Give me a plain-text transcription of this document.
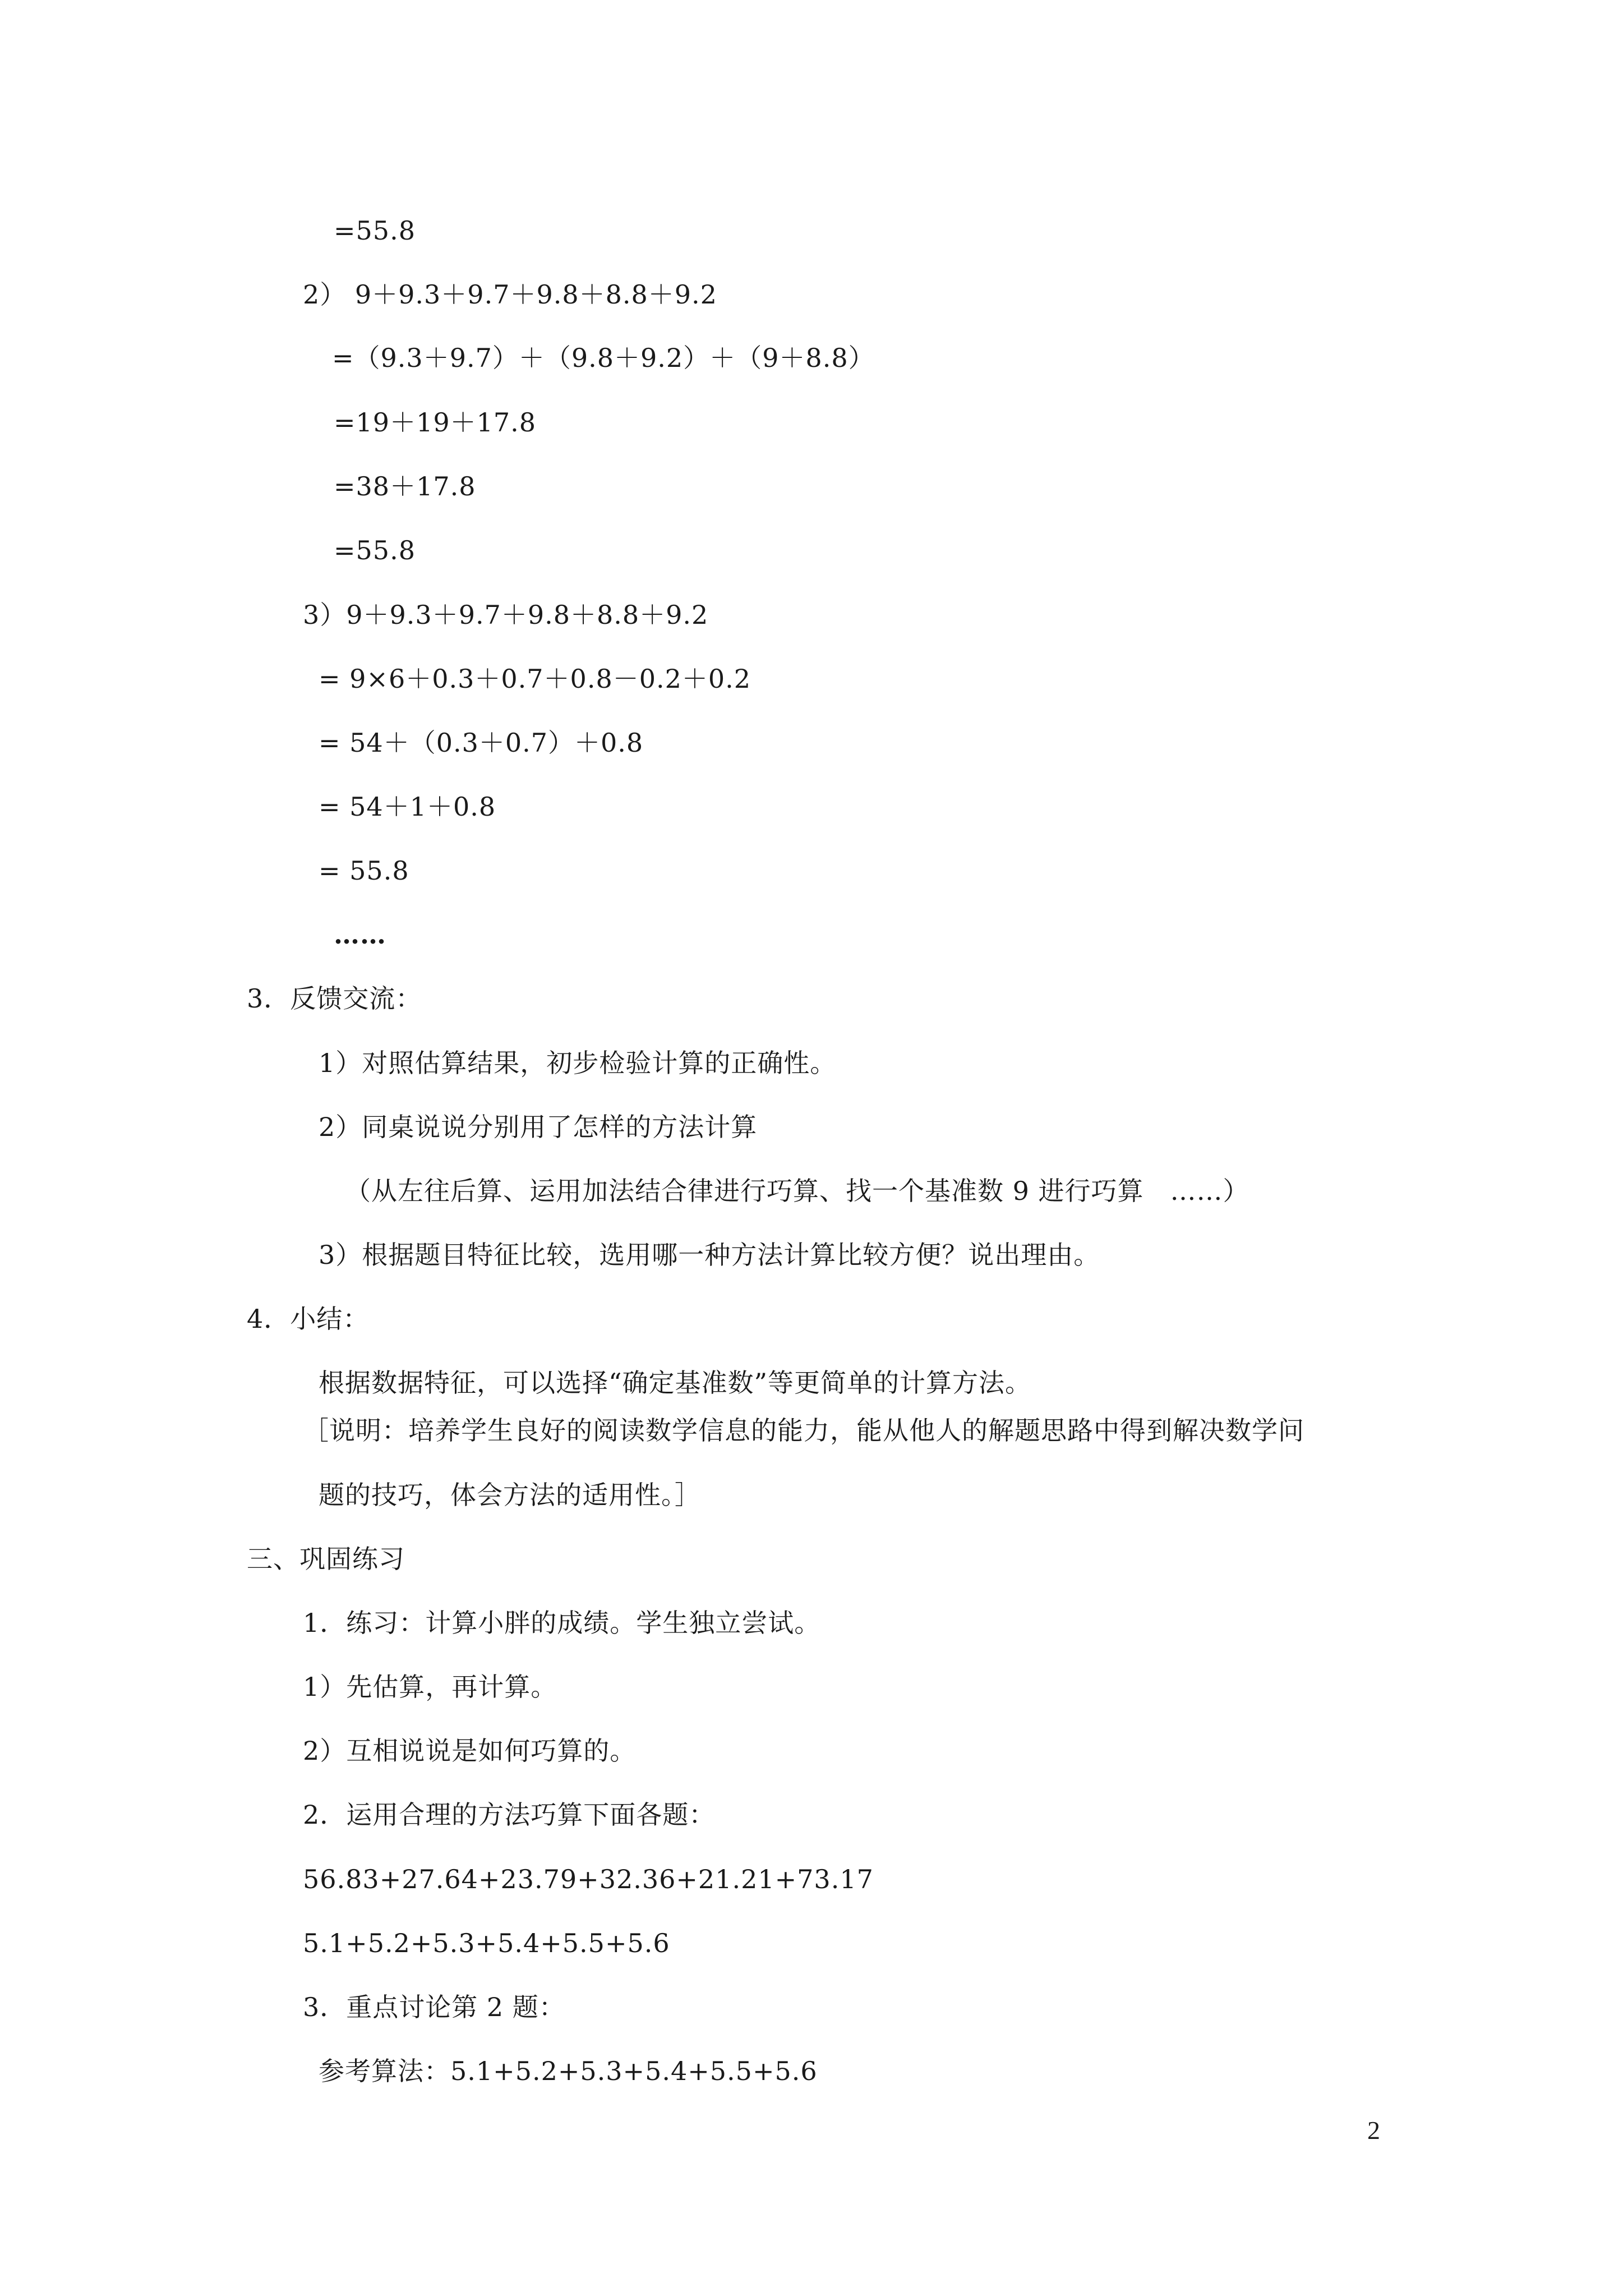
=55.8
2） 9＋9.3＋9.7＋9.8＋8.8＋9.2
=（9.3＋9.7）＋（9.8＋9.2）＋（9＋8.8）
=19＋19＋17.8
=38＋17.8
=55.8
3）9＋9.3＋9.7＋9.8＋8.8＋9.2
= 9×6＋0.3＋0.7＋0.8－0.2＋0.2
= 54＋（0.3＋0.7）＋0.8
= 54＋1＋0.8
= 55.8
……
3．反馈交流：
1）对照估算结果，初步检验计算的正确性。
2）同桌说说分别用了怎样的方法计算
（从左往后算、运用加法结合律进行巧算、找一个基准数 9 进行巧算　……）
3）根据题目特征比较，选用哪一种方法计算比较方便？说出理由。
4．小结：
根据数据特征，可以选择“确定基准数”等更简单的计算方法。
［说明：培养学生良好的阅读数学信息的能力，能从他人的解题思路中得到解决数学问
题的技巧，体会方法的适用性。］
三、巩固练习
1．练习：计算小胖的成绩。学生独立尝试。
1）先估算，再计算。
2）互相说说是如何巧算的。
2．运用合理的方法巧算下面各题：
56.83+27.64+23.79+32.36+21.21+73.17
5.1+5.2+5.3+5.4+5.5+5.6
3．重点讨论第 2 题：
参考算法：5.1+5.2+5.3+5.4+5.5+5.6
2
